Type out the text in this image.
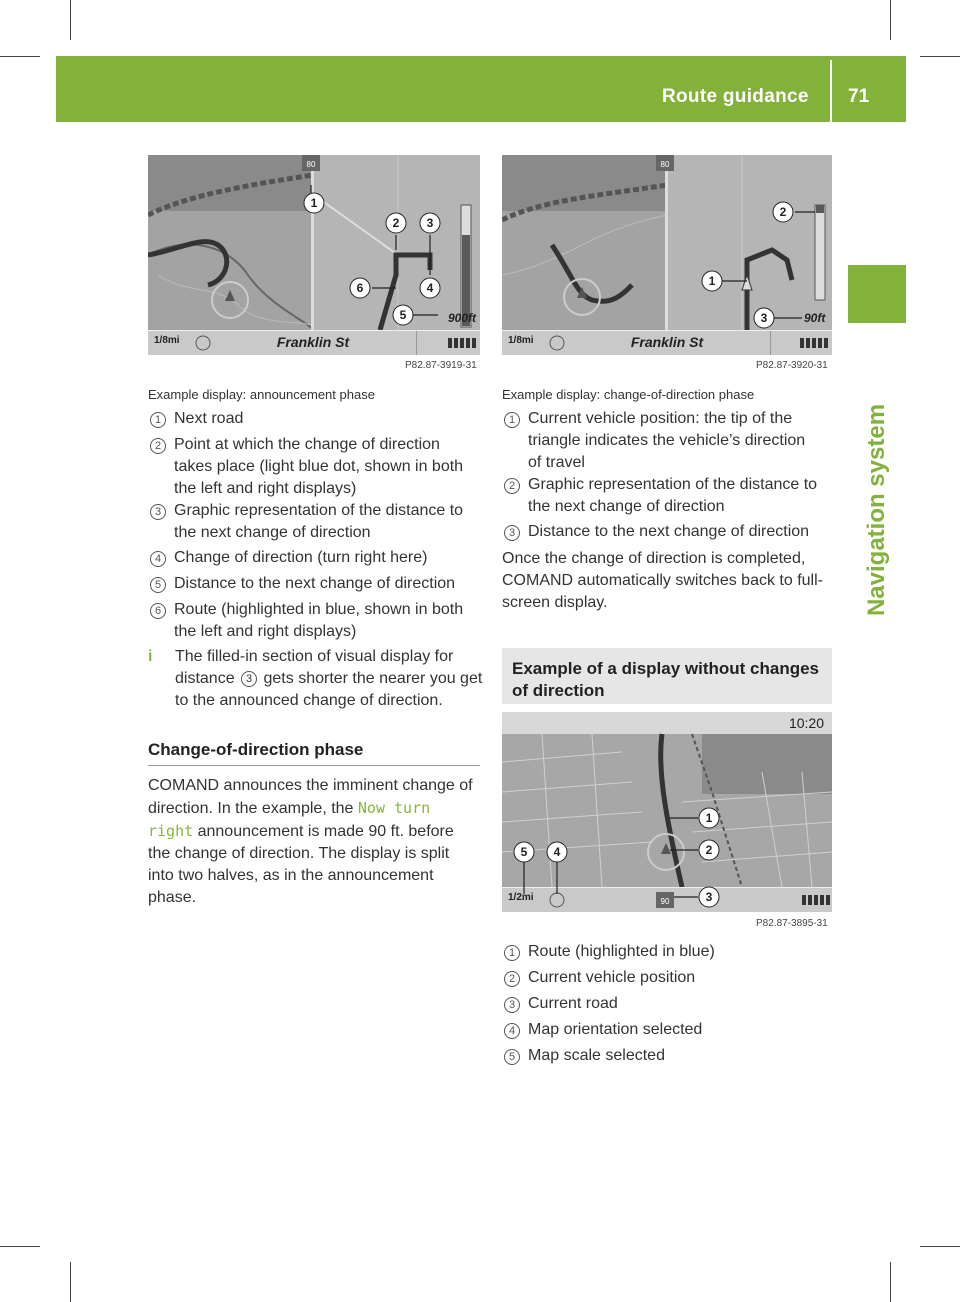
Route guidance 71
Navigation system
80
1
2 3
4
5
6
900ft
1/8mi	Franklin St
P82.87-3919-31
80
1
2
3	90ft
1/8mi	Franklin St
P82.87-3920-31
Example display: announcement phase
1 Next road
2 Point at which the change of direction
takes place (light blue dot, shown in both
the left and right displays)
3 Graphic representation of the distance to
the next change of direction
4 Change of direction (turn right here)
5 Distance to the next change of direction
6 Route (highlighted in blue, shown in both
the left and right displays)
i The filled-in section of visual display for
distance 3 gets shorter the nearer you get
to the announced change of direction.
Change-of-direction phase
COMAND announces the imminent change of
direction. In the example, the Now turn
right announcement is made 90 ft. before
the change of direction. The display is split
into two halves, as in the announcement
phase.
Example display: change-of-direction phase
1 Current vehicle position: the tip of the
triangle indicates the vehicle’s direction
of travel
2 Graphic representation of the distance to
the next change of direction
3 Distance to the next change of direction
Once the change of direction is completed,
COMAND automatically switches back to full-
screen display.
Example of a display without changes
of direction
90
10:20
1/2mi
1
2
3
4
5
P82.87-3895-31
1 Route (highlighted in blue)
2 Current vehicle position
3 Current road
4 Map orientation selected
5 Map scale selected
